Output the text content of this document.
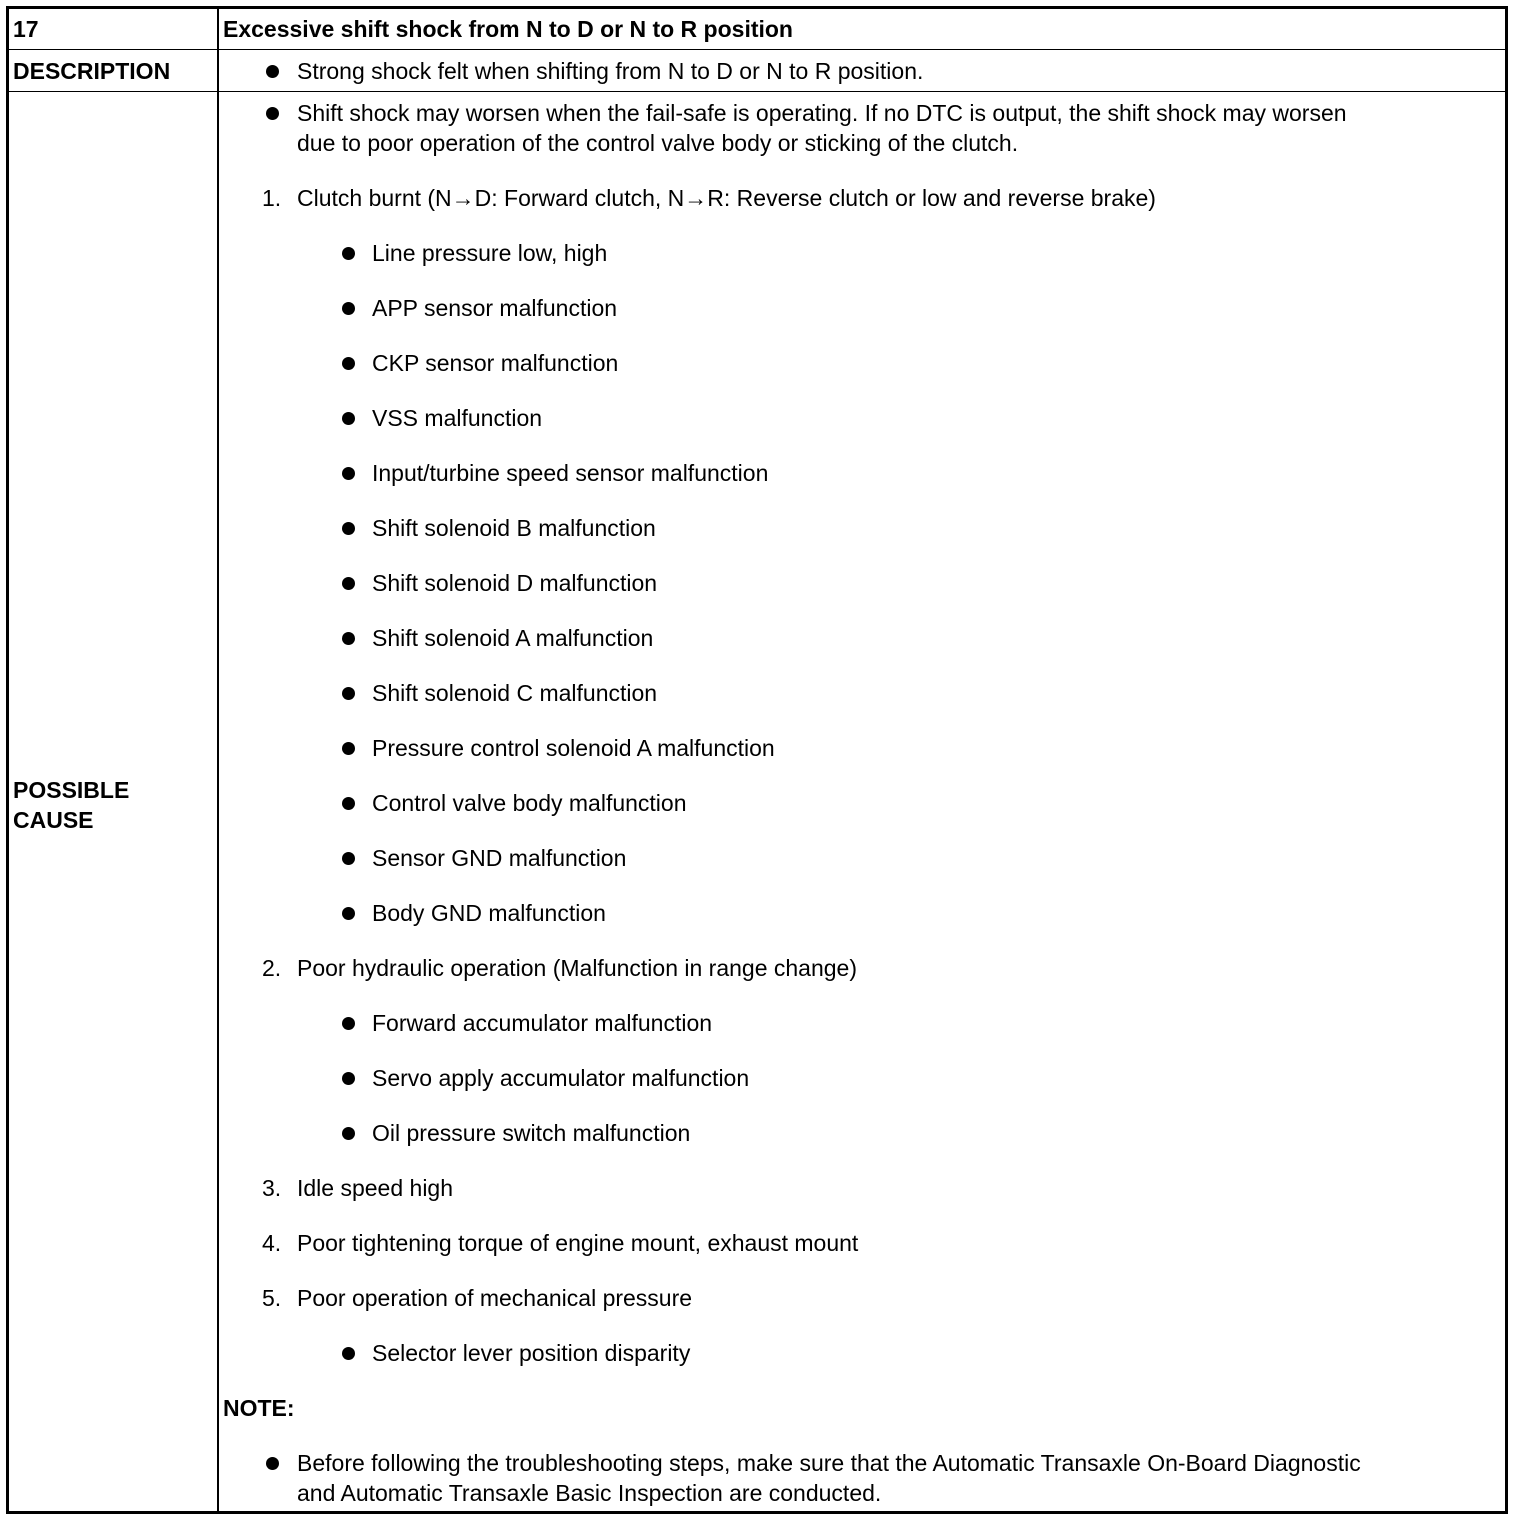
17	Excessive shift shock from N to D or N to R position
DESCRIPTION	Strong shock felt when shifting from N to D or N to R position.
POSSIBLE CAUSE
Shift shock may worsen when the fail-safe is operating. If no DTC is output, the shift shock may worsen
due to poor operation of the control valve body or sticking of the clutch.
1. Clutch burnt (N→D: Forward clutch, N→R: Reverse clutch or low and reverse brake)
Line pressure low, high
APP sensor malfunction
CKP sensor malfunction
VSS malfunction
Input/turbine speed sensor malfunction
Shift solenoid B malfunction
Shift solenoid D malfunction
Shift solenoid A malfunction
Shift solenoid C malfunction
Pressure control solenoid A malfunction
Control valve body malfunction
Sensor GND malfunction
Body GND malfunction
2. Poor hydraulic operation (Malfunction in range change)
Forward accumulator malfunction
Servo apply accumulator malfunction
Oil pressure switch malfunction
3. Idle speed high
4. Poor tightening torque of engine mount, exhaust mount
5. Poor operation of mechanical pressure
Selector lever position disparity
NOTE:
Before following the troubleshooting steps, make sure that the Automatic Transaxle On-Board Diagnostic
and Automatic Transaxle Basic Inspection are conducted.
